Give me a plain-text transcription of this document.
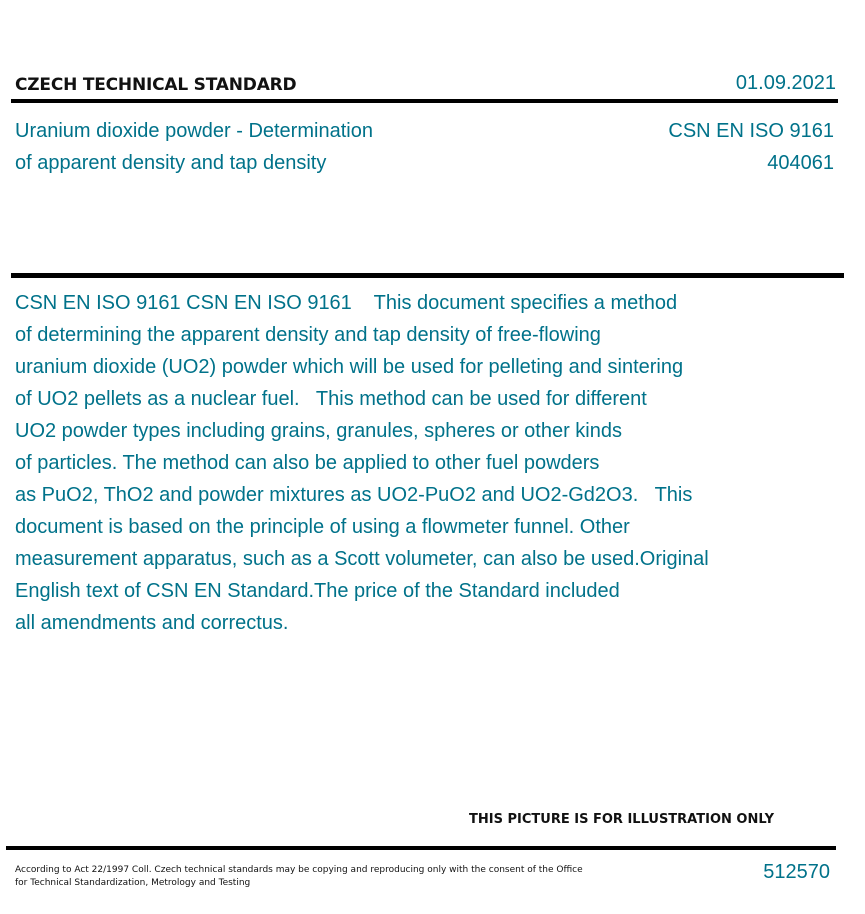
CZECH TECHNICAL STANDARD	01.09.2021
Uranium dioxide powder - Determination
of apparent density and tap density
CSN EN ISO 9161
404061
CSN EN ISO 9161 CSN EN ISO 9161    This document specifies a method
of determining the apparent density and tap density of free-flowing
uranium dioxide (UO2) powder which will be used for pelleting and sintering
of UO2 pellets as a nuclear fuel.   This method can be used for different
UO2 powder types including grains, granules, spheres or other kinds
of particles. The method can also be applied to other fuel powders
as PuO2, ThO2 and powder mixtures as UO2-PuO2 and UO2-Gd2O3.   This
document is based on the principle of using a flowmeter funnel. Other
measurement apparatus, such as a Scott volumeter, can also be used.Original
English text of CSN EN Standard.The price of the Standard included
all amendments and correctus.
THIS PICTURE IS FOR ILLUSTRATION ONLY
According to Act 22/1997 Coll. Czech technical standards may be copying and reproducing only with the consent of the Office
for Technical Standardization, Metrology and Testing	512570
